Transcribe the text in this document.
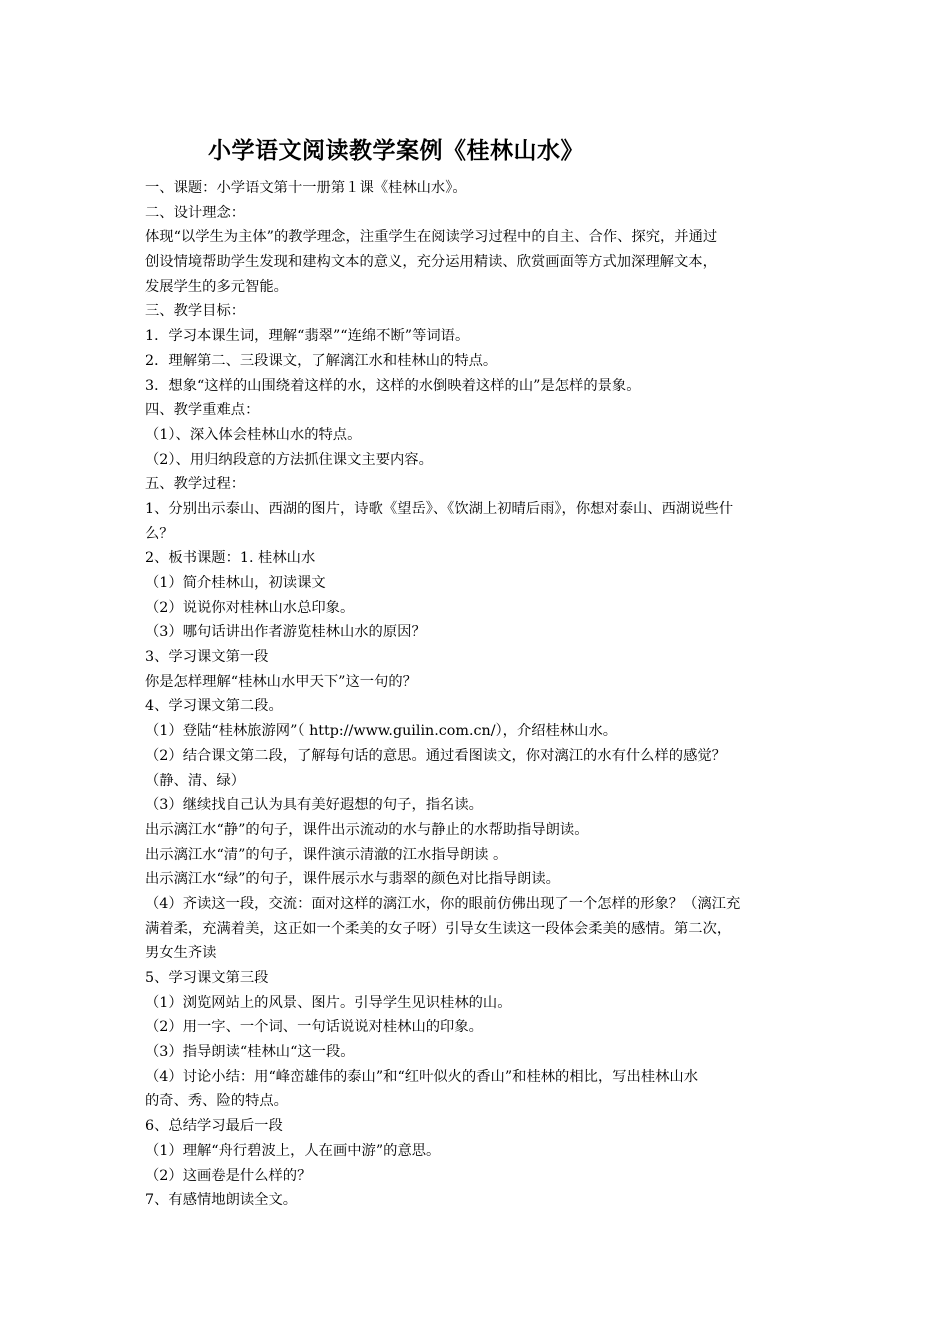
小学语文阅读教学案例《桂林山水》
一、课题：小学语文第十一册第１课《桂林山水》。
二、设计理念：
体现“以学生为主体”的教学理念，注重学生在阅读学习过程中的自主、合作、探究，并通过
创设情境帮助学生发现和建构文本的意义，充分运用精读、欣赏画面等方式加深理解文本，
发展学生的多元智能。
三、教学目标：
1．学习本课生词，理解“翡翠”“连绵不断”等词语。
2．理解第二、三段课文，了解漓江水和桂林山的特点。
3．想象“这样的山围绕着这样的水，这样的水倒映着这样的山”是怎样的景象。
四、教学重难点：
（1）、深入体会桂林山水的特点。
（2）、用归纳段意的方法抓住课文主要内容。
五、教学过程：
1、分别出示泰山、西湖的图片，诗歌《望岳》、《饮湖上初晴后雨》，你想对泰山、西湖说些什
么？
2、板书课题：1. 桂林山水
（1）简介桂林山，初读课文
（2）说说你对桂林山水总印象。
（3）哪句话讲出作者游览桂林山水的原因？
3、学习课文第一段
你是怎样理解“桂林山水甲天下”这一句的？
4、学习课文第二段。
（1）登陆“桂林旅游网”（ http://www.guilin.com.cn/），介绍桂林山水。
（2）结合课文第二段，了解每句话的意思。通过看图读文，你对漓江的水有什么样的感觉？
（静、清、绿）
（3）继续找自己认为具有美好遐想的句子，指名读。
出示漓江水“静”的句子，课件出示流动的水与静止的水帮助指导朗读。
出示漓江水“清”的句子，课件演示清澈的江水指导朗读 。
出示漓江水“绿”的句子，课件展示水与翡翠的颜色对比指导朗读。
（4）齐读这一段，交流：面对这样的漓江水，你的眼前仿佛出现了一个怎样的形象？（漓江充
满着柔，充满着美，这正如一个柔美的女子呀）引导女生读这一段体会柔美的感情。第二次，
男女生齐读
5、学习课文第三段
（1）浏览网站上的风景、图片。引导学生见识桂林的山。
（2）用一字、一个词、一句话说说对桂林山的印象。
（3）指导朗读“桂林山“这一段。
（4）讨论小结：用“峰峦雄伟的泰山”和“红叶似火的香山”和桂林的相比，写出桂林山水
的奇、秀、险的特点。
6、总结学习最后一段
（1）理解“舟行碧波上，人在画中游”的意思。
（2）这画卷是什么样的？
7、有感情地朗读全文。
